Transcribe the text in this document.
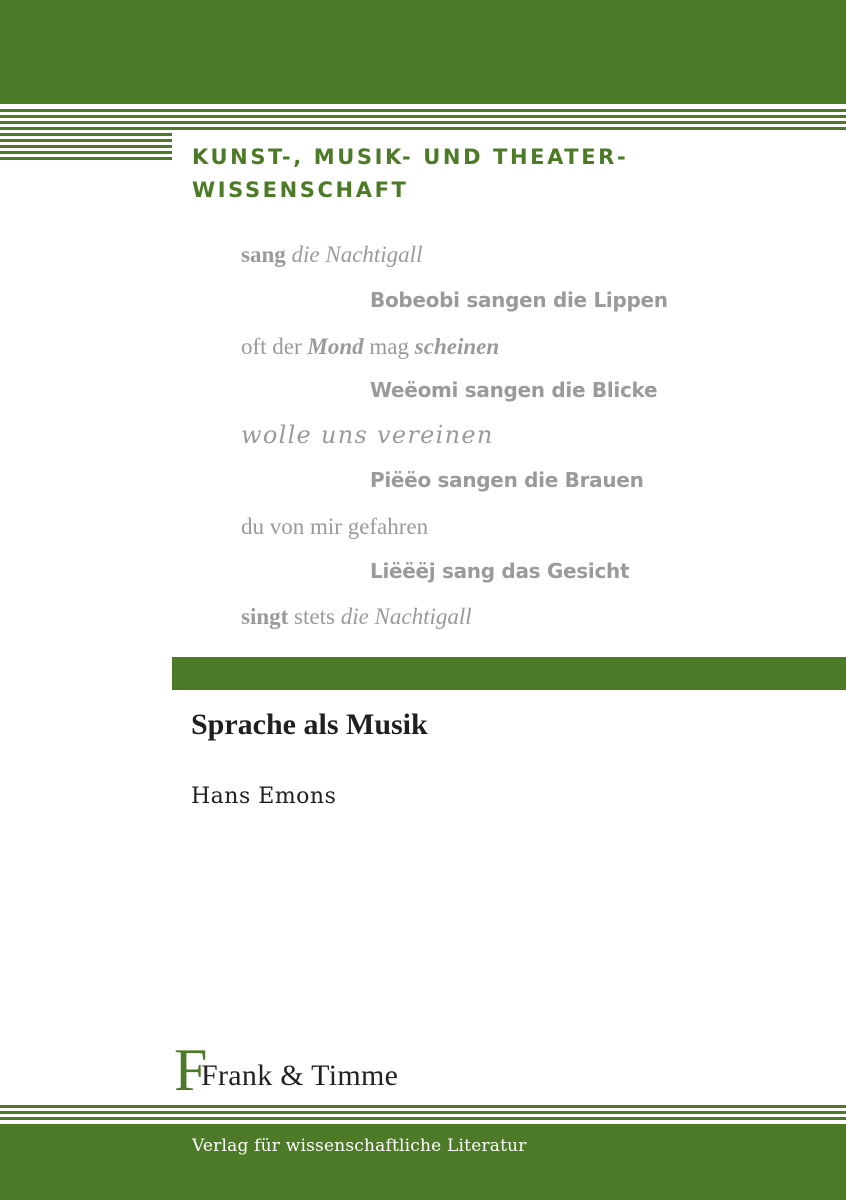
KUNST-, MUSIK- UND THEATER-
WISSENSCHAFT
sang die Nachtigall
Bobeobi sangen die Lippen
oft der Mond mag scheinen
Weëomi sangen die Blicke
wolle uns vereinen
Piëëo sangen die Brauen
du von mir gefahren
Liëëëj sang das Gesicht
singt stets die Nachtigall
Sprache als Musik
Hans Emons
F
Frank & Timme
Verlag für wissenschaftliche Literatur
